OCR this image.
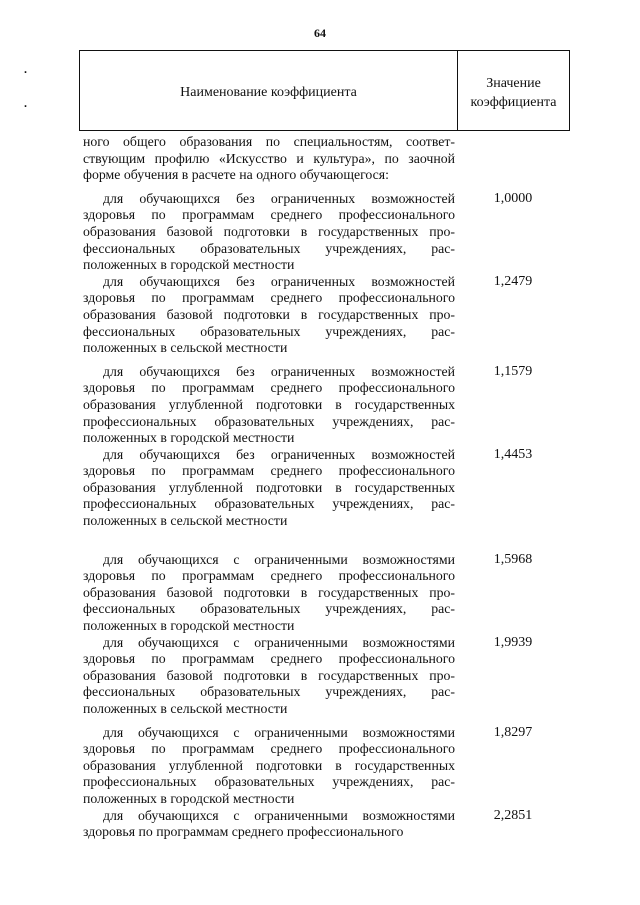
64
.
.
Наименование коэффициента
Значение
коэффициента
ного общего образования по специальностям, соответ-
ствующим профилю «Искусство и культура», по заочной
форме обучения в расчете на одного обучающегося:
для обучающихся без ограниченных возможностей
здоровья по программам среднего профессионального
образования базовой подготовки в государственных про-
фессиональных образовательных учреждениях, рас-
положенных в городской местности
1,0000
для обучающихся без ограниченных возможностей
здоровья по программам среднего профессионального
образования базовой подготовки в государственных про-
фессиональных образовательных учреждениях, рас-
положенных в сельской местности
1,2479
для обучающихся без ограниченных возможностей
здоровья по программам среднего профессионального
образования углубленной подготовки в государственных
профессиональных образовательных учреждениях, рас-
положенных в городской местности
1,1579
для обучающихся без ограниченных возможностей
здоровья по программам среднего профессионального
образования углубленной подготовки в государственных
профессиональных образовательных учреждениях, рас-
положенных в сельской местности
1,4453
для обучающихся с ограниченными возможностями
здоровья по программам среднего профессионального
образования базовой подготовки в государственных про-
фессиональных образовательных учреждениях, рас-
положенных в городской местности
1,5968
для обучающихся с ограниченными возможностями
здоровья по программам среднего профессионального
образования базовой подготовки в государственных про-
фессиональных образовательных учреждениях, рас-
положенных в сельской местности
1,9939
для обучающихся с ограниченными возможностями
здоровья по программам среднего профессионального
образования углубленной подготовки в государственных
профессиональных образовательных учреждениях, рас-
положенных в городской местности
1,8297
для обучающихся с ограниченными возможностями
здоровья по программам среднего профессионального
2,2851
